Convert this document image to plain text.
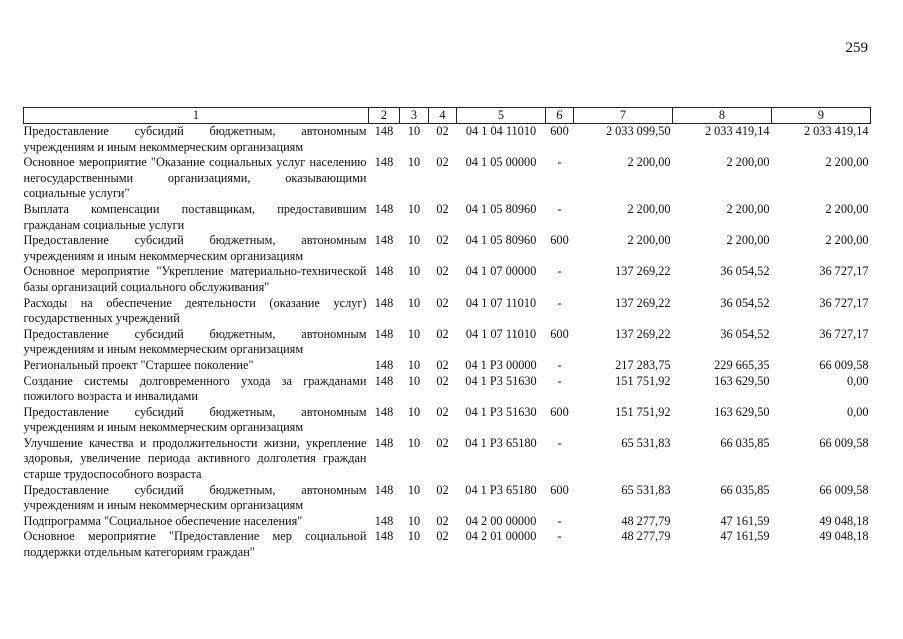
259
1	2	3	4	5	6	7	8	9
Предоставление субсидий бюджетным, автономным учреждениям и иным некоммерческим организациям	148	10	02	04 1 04 11010	600	2 033 099,50	2 033 419,14	2 033 419,14
Основное мероприятие "Оказание социальных услуг населению негосударственными организациями, оказывающими социальные услуги"	148	10	02	04 1 05 00000	-	2 200,00	2 200,00	2 200,00
Выплата компенсации поставщикам, предоставившим гражданам социальные услуги	148	10	02	04 1 05 80960	-	2 200,00	2 200,00	2 200,00
Предоставление субсидий бюджетным, автономным учреждениям и иным некоммерческим организациям	148	10	02	04 1 05 80960	600	2 200,00	2 200,00	2 200,00
Основное мероприятие "Укрепление материально-технической базы организаций социального обслуживания"	148	10	02	04 1 07 00000	-	137 269,22	36 054,52	36 727,17
Расходы на обеспечение деятельности (оказание услуг) государственных учреждений	148	10	02	04 1 07 11010	-	137 269,22	36 054,52	36 727,17
Предоставление субсидий бюджетным, автономным учреждениям и иным некоммерческим организациям	148	10	02	04 1 07 11010	600	137 269,22	36 054,52	36 727,17
Региональный проект "Старшее поколение"	148	10	02	04 1 P3 00000	-	217 283,75	229 665,35	66 009,58
Создание системы долговременного ухода за гражданами пожилого возраста и инвалидами	148	10	02	04 1 P3 51630	-	151 751,92	163 629,50	0,00
Предоставление субсидий бюджетным, автономным учреждениям и иным некоммерческим организациям	148	10	02	04 1 P3 51630	600	151 751,92	163 629,50	0,00
Улучшение качества и продолжительности жизни, укрепление здоровья, увеличение периода активного долголетия граждан старше трудоспособного возраста	148	10	02	04 1 P3 65180	-	65 531,83	66 035,85	66 009,58
Предоставление субсидий бюджетным, автономным учреждениям и иным некоммерческим организациям	148	10	02	04 1 P3 65180	600	65 531,83	66 035,85	66 009,58
Подпрограмма "Социальное обеспечение населения"	148	10	02	04 2 00 00000	-	48 277,79	47 161,59	49 048,18
Основное мероприятие "Предоставление мер социальной поддержки отдельным категориям граждан"	148	10	02	04 2 01 00000	-	48 277,79	47 161,59	49 048,18
